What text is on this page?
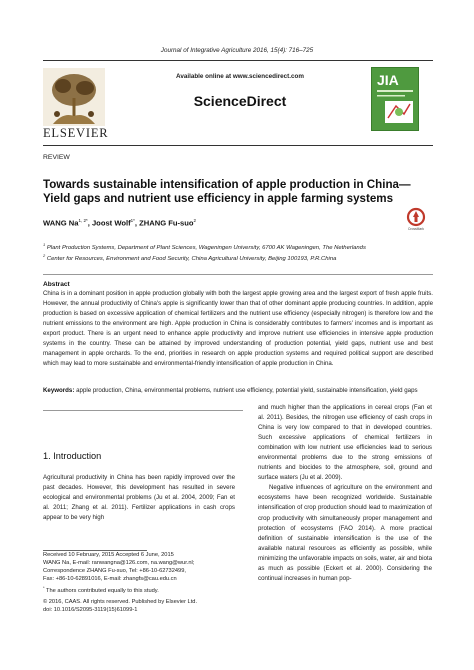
Journal of Integrative Agriculture 2016, 15(4): 716–725
ELSEVIER
Available online at www.sciencedirect.com
ScienceDirect
JIA
REVIEW
Towards sustainable intensification of apple production in China—Yield gaps and nutrient use efficiency in apple farming systems
WANG $Na^{1, 2*}$, Joost Wolf$^{1*}$, ZHANG Fu-suo$^2$
CrossMark
$^1$ Plant Production Systems, Department of Plant Sciences, Wageningen University, 6700 AK Wageningen, The Netherlands
$^2$ Center for Resources, Environment and Food Security, China Agricultural University, Beijing 100193, P.R.China
Abstract
China is in a dominant position in apple production globally with both the largest apple growing area and the largest export of fresh apple fruits. However, the annual productivity of China's apple is significantly lower than that of other dominant apple producing countries. In addition, apple production is based on excessive application of chemical fertilizers and the nutrient use efficiency (especially nitrogen) is therefore low and the nutrient emissions to the environment are high. Apple production in China is considerably contributes to farmers' incomes and is important as export product. There is an urgent need to enhance apple productivity and improve nutrient use efficiencies in intensive apple production systems in the country. These can be attained by improved understanding of production potential, yield gaps, nutrient use and best management in apple orchards. To the end, priorities in research on apple production systems and required political support are described which may lead to more sustainable and environmental-friendly intensification of apple production in China.
Keywords: apple production, China, environmental problems, nutrient use efficiency, potential yield, sustainable intensification, yield gaps
1. Introduction
Agricultural productivity in China has been rapidly improved over the past decades. However, this development has resulted in severe ecological and environmental problems (Ju et al. 2004, 2009; Fan et al. 2011; Zhang et al. 2011). Fertilizer applications in cash crops appear to be very high
and much higher than the applications in cereal crops (Fan et al. 2011). Besides, the nitrogen use efficiency of cash crops in China is very low compared to that in developed countries. Such excessive applications of chemical fertilizers in combination with low nutrient use efficiencies lead to serious environmental problems due to the strong emissions of nutrients and biocides to the atmosphere, soil, ground and surface waters (Ju et al. 2009).
Negative influences of agriculture on the environment and ecosystems have been recognized worldwide. Sustainable intensification of crop production should lead to maximization of crop productivity with simultaneously proper management and protection of ecosystems (FAO 2014). A more practical definition of sustainable intensification is the use of the available natural resources as efficiently as possible, while minimizing the unfavorable impacts on soils, water, air and biota as much as possible (Eckert et al. 2000). Considering the continual increases in human pop-
Received 10 February, 2015 Accepted 6 June, 2015
WANG Na, E-mail: ranwangna@126.com, na.wang@wur.nl;
Correspondence ZHANG Fu-suo, Tel: +86-10-62732499,
Fax: +86-10-62891016, E-mail: zhangfs@cau.edu.cn
* The authors contributed equally to this study.
© 2016, CAAS. All rights reserved. Published by Elsevier Ltd.
doi: 10.1016/S2095-3119(15)61099-1
